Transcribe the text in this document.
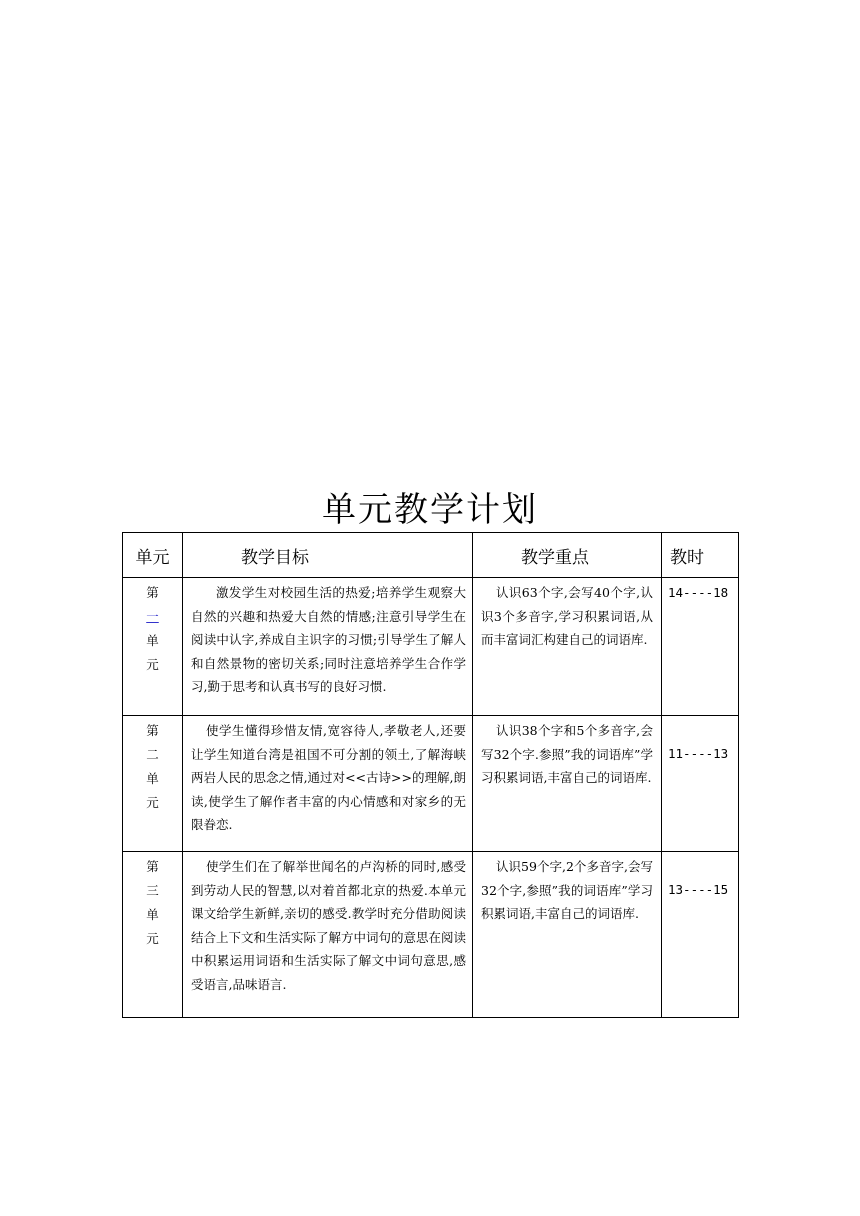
单元教学计划
单元	教学目标	教学重点	教时

第
一
单
元	激发学生对校园生活的热爱;培养学生观察大自然的兴趣和热爱大自然的情感;注意引导学生在阅读中认字,养成自主识字的习惯;引导学生了解人和自然景物的密切关系;同时注意培养学生合作学习,勤于思考和认真书写的良好习惯.	认识63个字,会写40个字,认识3个多音字,学习积累词语,从而丰富词汇构建自己的词语库.	14----18

第
二
单
元	使学生懂得珍惜友情,宽容待人,孝敬老人,还要让学生知道台湾是祖国不可分割的领土,了解海峡两岩人民的思念之情,通过对<<古诗>>的理解,朗读,使学生了解作者丰富的内心情感和对家乡的无限眷恋.	认识38个字和5个多音字,会写32个字.参照”我的词语库”学习积累词语,丰富自己的词语库.	11----13

第
三
单
元	使学生们在了解举世闻名的卢沟桥的同时,感受到劳动人民的智慧,以对着首都北京的热爱.本单元课文给学生新鲜,亲切的感受.教学时充分借助阅读结合上下文和生活实际了解方中词句的意思在阅读中积累运用词语和生活实际了解文中词句意思,感受语言,品味语言.	认识59个字,2个多音字,会写32个字,参照”我的词语库”学习积累词语,丰富自己的词语库.	13----15
